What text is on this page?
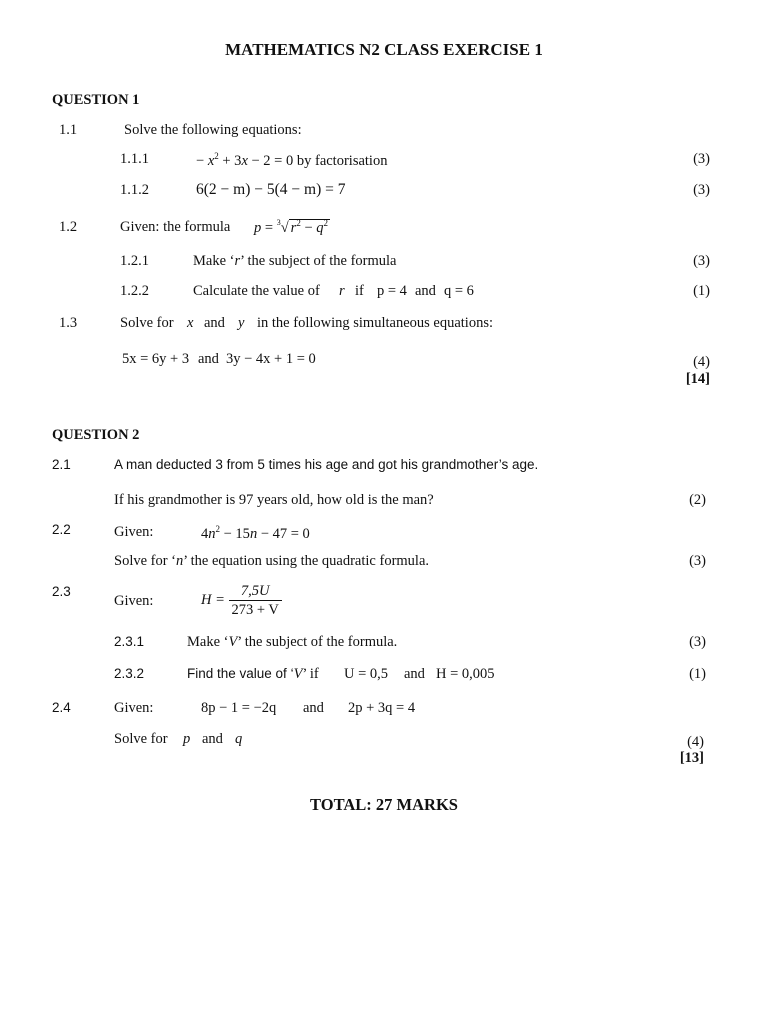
MATHEMATICS N2 CLASS EXERCISE 1
QUESTION 1
1.1	Solve the following equations:
1.1.1	− $x^2 + 3x - 2 = 0$ by factorisation	(3)
1.1.2	6(2 − m) − 5(4 − m) = 7	(3)
1.2	Given: the formula p = $^3$√ $r^2 - q^2$
1.2.1	Make ‘r’ the subject of the formula	(3)
1.2.2	Calculate the value of r if p = 4 and q = 6	(1)
1.3	Solve for x and y in the following simultaneous equations:
5x = 6y + 3 and 3y − 4x + 1 = 0	(4)
[14]
QUESTION 2
2.1	A man deducted 3 from 5 times his age and got his grandmother’s age.
If his grandmother is 97 years old, how old is the man?	(2)
2.2	Given:	$4n^2 - 15n - 47 = 0$
Solve for ‘n’ the equation using the quadratic formula.	(3)
2.3
Given:	$H = \frac{7,5U}{273 + V}$
2.3.1	Make ‘V’ the subject of the formula.	(3)
2.3.2	Find the value of ‘V’ if U = 0,5 and H = 0,005	(1)
2.4	Given:	8p − 1 = −2q and 2p + 3q = 4
Solve for p and q	(4)
[13]
TOTAL: 27 MARKS
